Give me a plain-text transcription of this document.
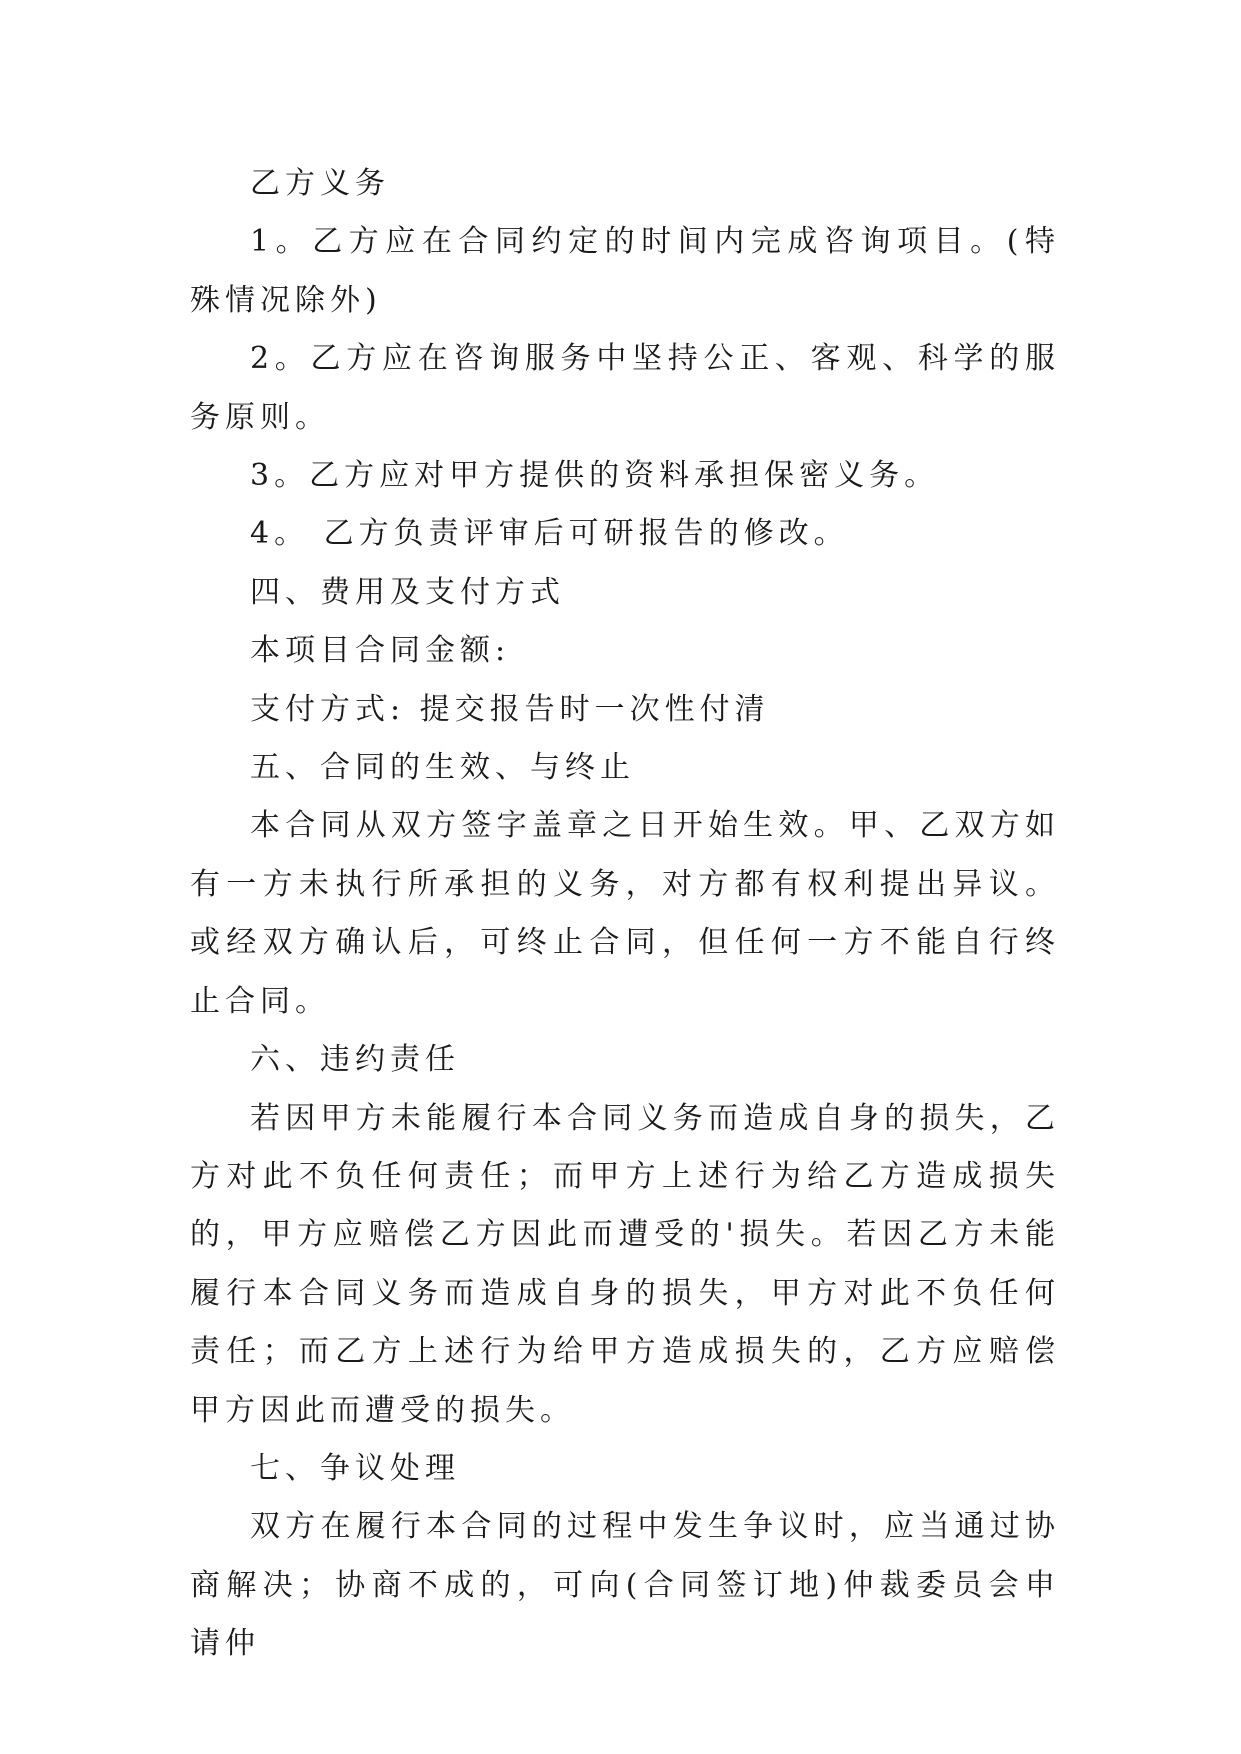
乙方义务

1。乙方应在合同约定的时间内完成咨询项目。(特殊情况除外)

2。乙方应在咨询服务中坚持公正、客观、科学的服务原则。

3。乙方应对甲方提供的资料承担保密义务。

4。 乙方负责评审后可研报告的修改。

四、费用及支付方式

本项目合同金额:

支付方式: 提交报告时一次性付清

五、合同的生效、与终止

本合同从双方签字盖章之日开始生效。甲、乙双方如有一方未执行所承担的义务，对方都有权利提出异议。或经双方确认后，可终止合同，但任何一方不能自行终止合同。

六、违约责任

若因甲方未能履行本合同义务而造成自身的损失，乙方对此不负任何责任；而甲方上述行为给乙方造成损失的，甲方应赔偿乙方因此而遭受的'损失。若因乙方未能履行本合同义务而造成自身的损失，甲方对此不负任何责任；而乙方上述行为给甲方造成损失的，乙方应赔偿甲方因此而遭受的损失。

七、争议处理

双方在履行本合同的过程中发生争议时，应当通过协商解决；协商不成的，可向(合同签订地)仲裁委员会申请仲
